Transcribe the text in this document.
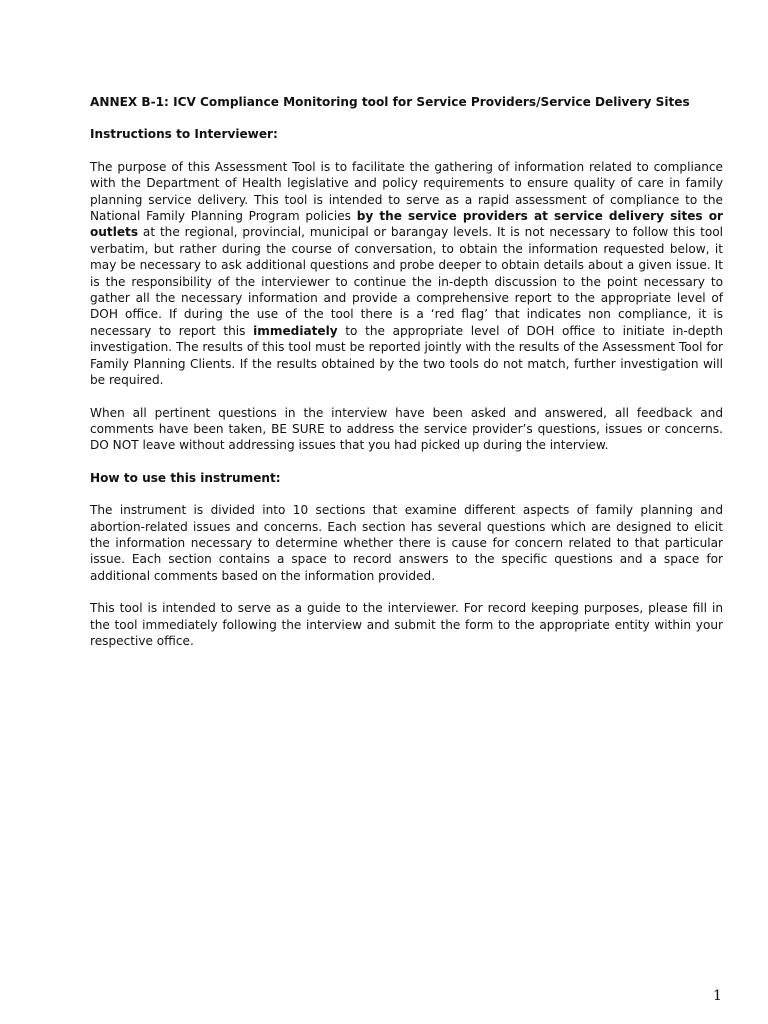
ANNEX B-1: ICV Compliance Monitoring tool for Service Providers/Service Delivery Sites

Instructions to Interviewer:

The purpose of this Assessment Tool is to facilitate the gathering of information related to compliance with the Department of Health legislative and policy requirements to ensure quality of care in family planning service delivery. This tool is intended to serve as a rapid assessment of compliance to the National Family Planning Program policies by the service providers at service delivery sites or outlets at the regional, provincial, municipal or barangay levels. It is not necessary to follow this tool verbatim, but rather during the course of conversation, to obtain the information requested below, it may be necessary to ask additional questions and probe deeper to obtain details about a given issue. It is the responsibility of the interviewer to continue the in-depth discussion to the point necessary to gather all the necessary information and provide a comprehensive report to the appropriate level of DOH office. If during the use of the tool there is a ‘red flag’ that indicates non compliance, it is necessary to report this immediately to the appropriate level of DOH office to initiate in-depth investigation. The results of this tool must be reported jointly with the results of the Assessment Tool for Family Planning Clients. If the results obtained by the two tools do not match, further investigation will be required.

When all pertinent questions in the interview have been asked and answered, all feedback and comments have been taken, BE SURE to address the service provider’s questions, issues or concerns. DO NOT leave without addressing issues that you had picked up during the interview.

How to use this instrument:

The instrument is divided into 10 sections that examine different aspects of family planning and abortion-related issues and concerns. Each section has several questions which are designed to elicit the information necessary to determine whether there is cause for concern related to that particular issue. Each section contains a space to record answers to the specific questions and a space for additional comments based on the information provided.

This tool is intended to serve as a guide to the interviewer. For record keeping purposes, please fill in the tool immediately following the interview and submit the form to the appropriate entity within your respective office.

1
